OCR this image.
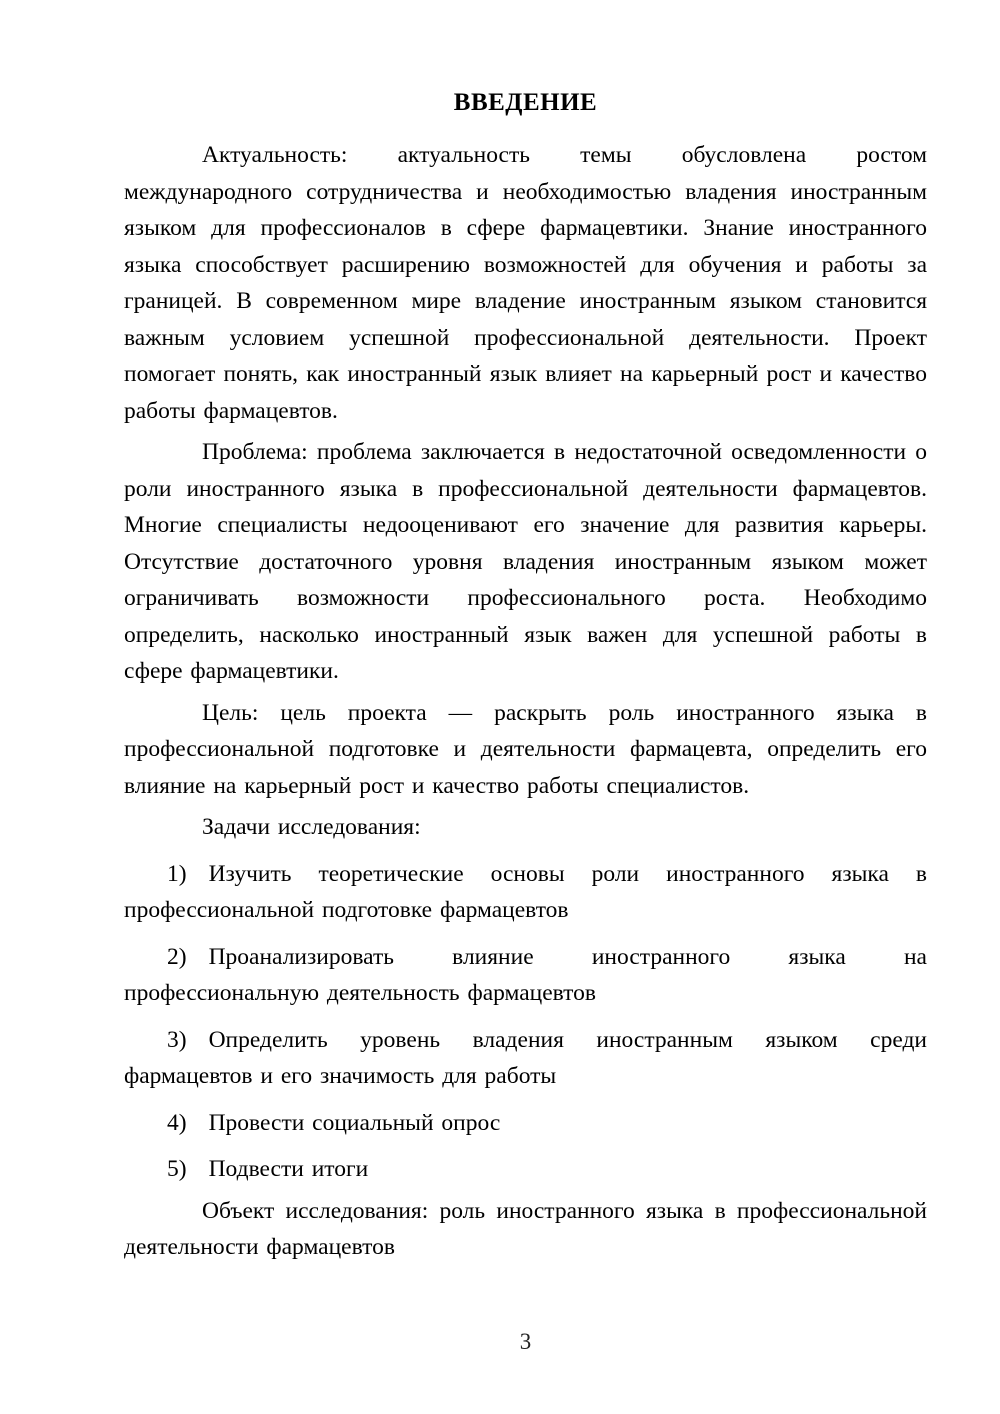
ВВЕДЕНИЕ

Актуальность: актуальность темы обусловлена ростом международного сотрудничества и необходимостью владения иностранным языком для профессионалов в сфере фармацевтики. Знание иностранного языка способствует расширению возможностей для обучения и работы за границей. В современном мире владение иностранным языком становится важным условием успешной профессиональной деятельности. Проект помогает понять, как иностранный язык влияет на карьерный рост и качество работы фармацевтов.

Проблема: проблема заключается в недостаточной осведомленности о роли иностранного языка в профессиональной деятельности фармацевтов. Многие специалисты недооценивают его значение для развития карьеры. Отсутствие достаточного уровня владения иностранным языком может ограничивать возможности профессионального роста. Необходимо определить, насколько иностранный язык важен для успешной работы в сфере фармацевтики.

Цель: цель проекта — раскрыть роль иностранного языка в профессиональной подготовке и деятельности фармацевта, определить его влияние на карьерный рост и качество работы специалистов.

Задачи исследования:

1) Изучить теоретические основы роли иностранного языка в профессиональной подготовке фармацевтов
2) Проанализировать влияние иностранного языка на профессиональную деятельность фармацевтов
3) Определить уровень владения иностранным языком среди фармацевтов и его значимость для работы
4) Провести социальный опрос
5) Подвести итоги

Объект исследования: роль иностранного языка в профессиональной деятельности фармацевтов

3
